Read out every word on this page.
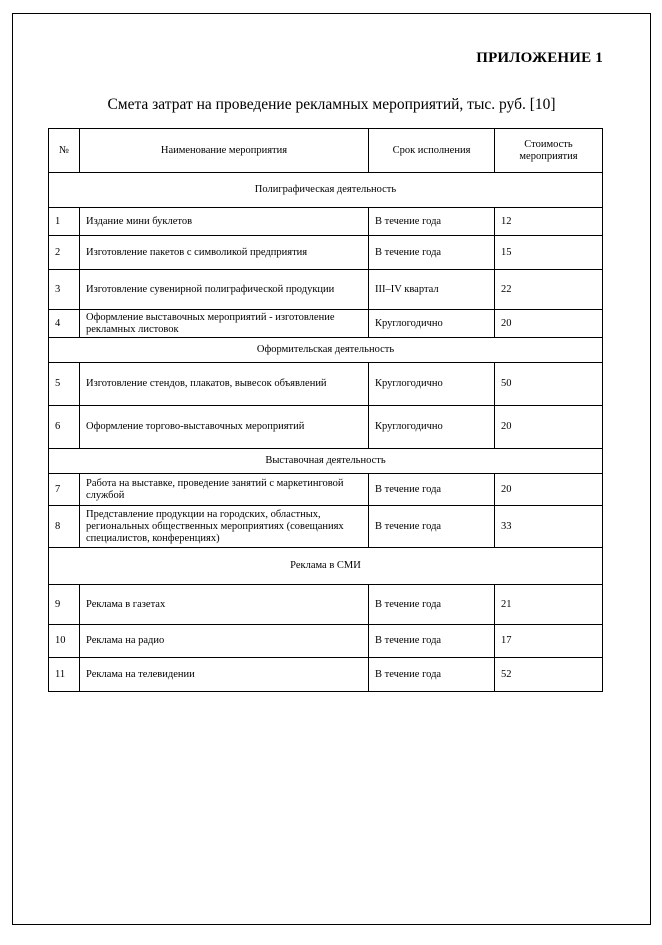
ПРИЛОЖЕНИЕ 1
Смета затрат на проведение рекламных мероприятий, тыс. руб. [10]
№	Наименование мероприятия	Срок исполнения	Стоимость мероприятия
Полиграфическая деятельность			
1	Издание мини буклетов	В течение года	12
2	Изготовление пакетов с символикой предприятия	В течение года	15
3	Изготовление сувенирной полиграфической продукции	III–IV квартал	22
4	Оформление выставочных мероприятий - изготовление рекламных листовок	Круглогодично	20
Оформительская деятельность			
5	Изготовление стендов, плакатов, вывесок объявлений	Круглогодично	50
6	Оформление торгово-выставочных мероприятий	Круглогодично	20
Выставочная деятельность			
7	Работа на выставке, проведение занятий с маркетинговой службой	В течение года	20
8	Представление продукции на городских, областных, региональных общественных мероприятиях (совещаниях специалистов, конференциях)	В течение года	33
Реклама в СМИ			
9	Реклама в газетах	В течение года	21
10	Реклама на радио	В течение года	17
11	Реклама на телевидении	В течение года	52
